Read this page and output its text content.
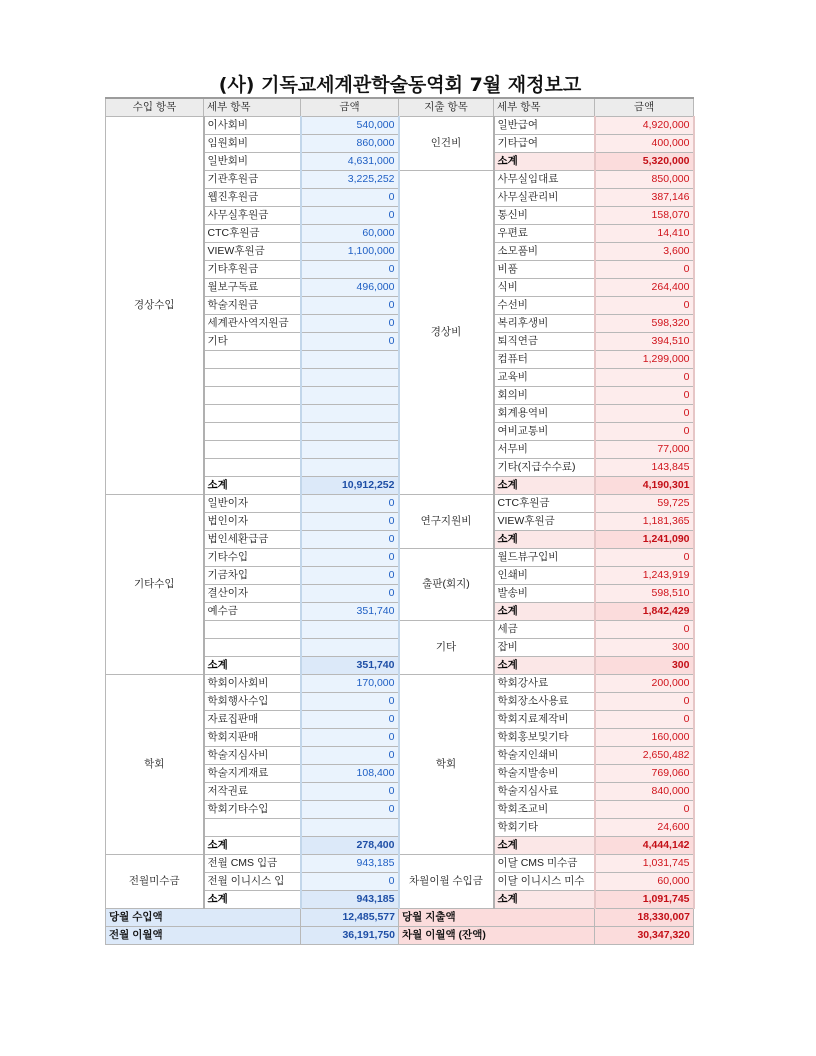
(사) 기독교세계관학술동역회 7월 재정보고
수입 항목	세부 항목	금액	지출 항목	세부 항목	금액
경상수입	이사회비	540,000	인건비	일반급여	4,920,000
	임원회비	860,000		기타급여	400,000
	일반회비	4,631,000		소계	5,320,000
	기관후원금	3,225,252	경상비	사무실임대료	850,000
	웹진후원금	0		사무실관리비	387,146
	사무실후원금	0		통신비	158,070
	CTC후원금	60,000		우편료	14,410
	VIEW후원금	1,100,000		소모품비	3,600
	기타후원금	0		비품	0
	월보구독료	496,000		식비	264,400
	학술지원금	0		수선비	0
	세계관사역지원금	0		복리후생비	598,320
	기타	0		퇴직연금	394,510
				컴퓨터	1,299,000
				교육비	0
				회의비	0
				회계용역비	0
				여비교통비	0
				서무비	77,000
				기타(지급수수료)	143,845
	소계	10,912,252		소계	4,190,301
기타수입	일반이자	0	연구지원비	CTC후원금	59,725
	법인이자	0		VIEW후원금	1,181,365
	법인세환급금	0		소계	1,241,090
	기타수입	0	출판(회지)	월드뷰구입비	0
	기금차입	0		인쇄비	1,243,919
	결산이자	0		발송비	598,510
	예수금	351,740		소계	1,842,429
			기타	세금	0
				잡비	300
	소계	351,740		소계	300
학회	학회이사회비	170,000	학회	학회강사료	200,000
	학회행사수입	0		학회장소사용료	0
	자료집판매	0		학회지료제작비	0
	학회지판매	0		학회홍보및기타	160,000
	학술지심사비	0		학술지인쇄비	2,650,482
	학술지게재료	108,400		학술지발송비	769,060
	저작권료	0		학술지심사료	840,000
	학회기타수입	0		학회조교비	0
				학회기타	24,600
	소계	278,400		소계	4,444,142
전월미수금	전월 CMS 입금	943,185	차월이월 수입금	이달 CMS 미수금	1,031,745
	전월 이니시스 입	0		이달 이니시스 미수	60,000
	소계	943,185		소계	1,091,745
당월 수입액		12,485,577	당월 지출액		18,330,007
전월 이월액		36,191,750	차월 이월액 (잔액)		30,347,320
